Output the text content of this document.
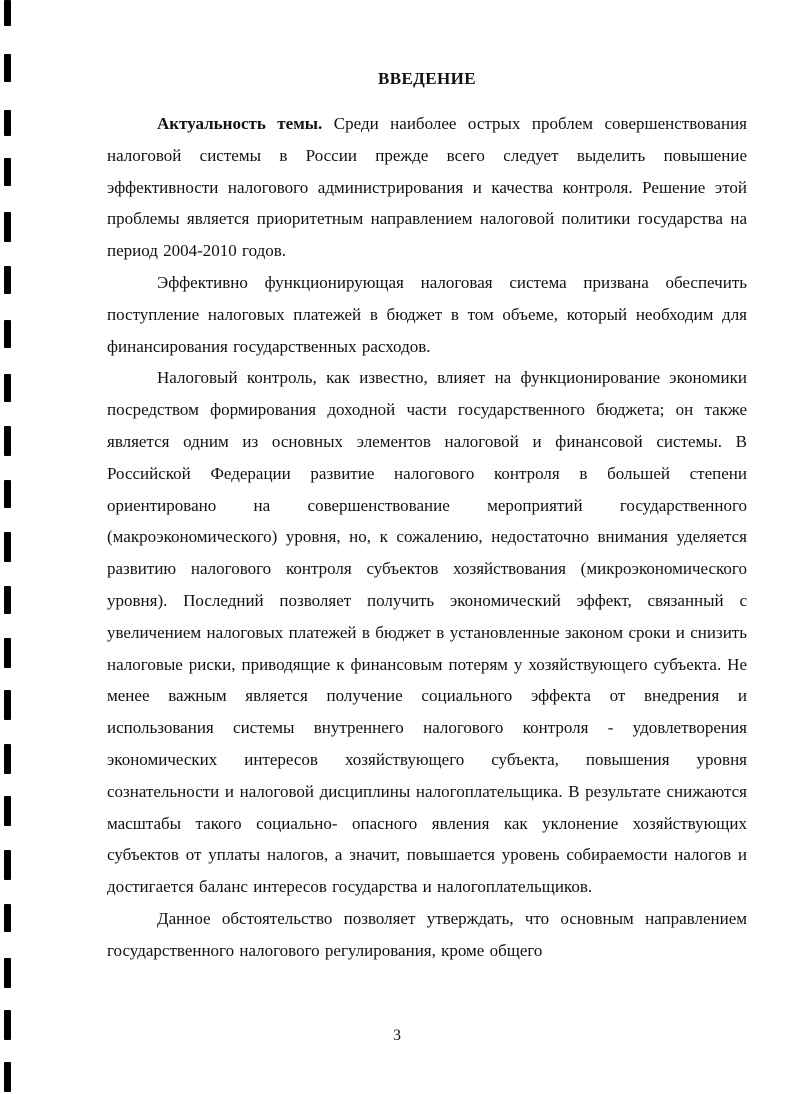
ВВЕДЕНИЕ

Актуальность темы. Среди наиболее острых проблем совершенствования налоговой системы в России прежде всего следует выделить повышение эффективности налогового администрирования и качества контроля. Решение этой проблемы является приоритетным направлением налоговой политики государства на период 2004-2010 годов.

Эффективно функционирующая налоговая система призвана обеспечить поступление налоговых платежей в бюджет в том объеме, который необходим для финансирования государственных расходов.

Налоговый контроль, как известно, влияет на функционирование экономики посредством формирования доходной части государственного бюджета; он также является одним из основных элементов налоговой и финансовой системы. В Российской Федерации развитие налогового контроля в большей степени ориентировано на совершенствование мероприятий государственного (макроэкономического) уровня, но, к сожалению, недостаточно внимания уделяется развитию налогового контроля субъектов хозяйствования (микроэкономического уровня). Последний позволяет получить экономический эффект, связанный с увеличением налоговых платежей в бюджет в установленные законом сроки и снизить налоговые риски, приводящие к финансовым потерям у хозяйствующего субъекта. Не менее важным является получение социального эффекта от внедрения и использования системы внутреннего налогового контроля - удовлетворения экономических интересов хозяйствующего субъекта, повышения уровня сознательности и налоговой дисциплины налогоплательщика. В результате снижаются масштабы такого социально- опасного явления как уклонение хозяйствующих субъектов от уплаты налогов, а значит, повышается уровень собираемости налогов и достигается баланс интересов государства и налогоплательщиков.

Данное обстоятельство позволяет утверждать, что основным направлением государственного налогового регулирования, кроме общего

3
